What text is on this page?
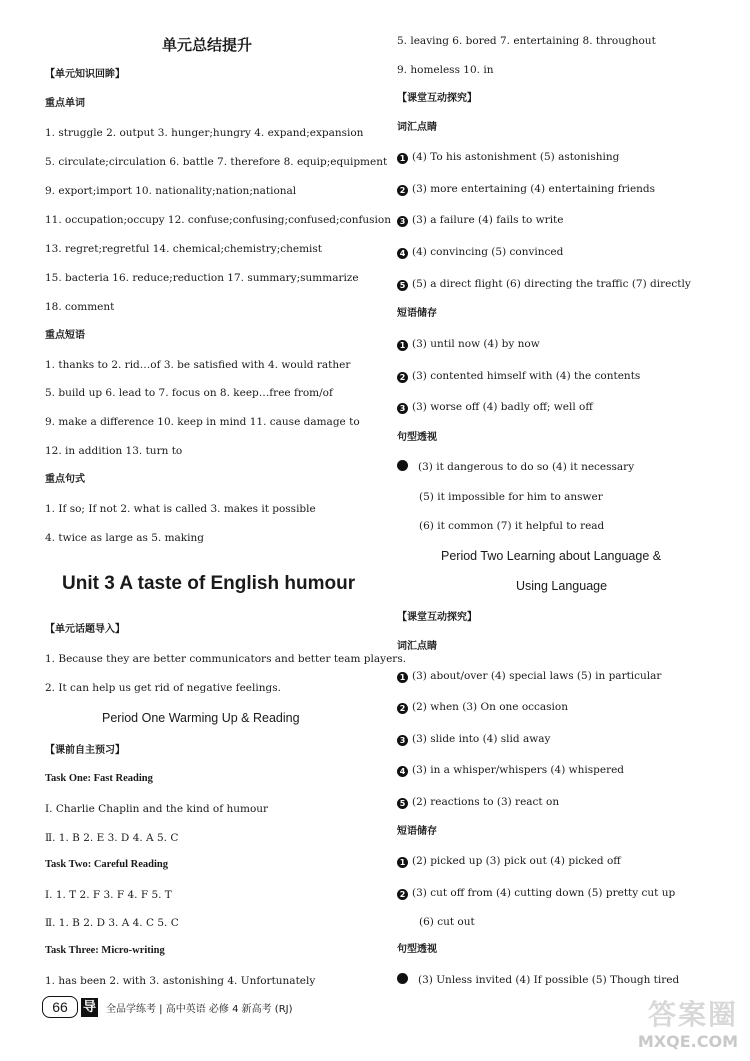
单元总结提升
【单元知识回眸】
重点单词
1. struggle 2. output 3. hunger;hungry 4. expand;expansion
5. circulate;circulation 6. battle 7. therefore 8. equip;equipment
9. export;import 10. nationality;nation;national
11. occupation;occupy 12. confuse;confusing;confused;confusion
13. regret;regretful 14. chemical;chemistry;chemist
15. bacteria 16. reduce;reduction 17. summary;summarize
18. comment
重点短语
1. thanks to 2. rid…of 3. be satisfied with 4. would rather
5. build up 6. lead to 7. focus on 8. keep…free from/of
9. make a difference 10. keep in mind 11. cause damage to
12. in addition 13. turn to
重点句式
1. If so; If not 2. what is called 3. makes it possible
4. twice as large as 5. making
Unit 3 A taste of English humour
【单元话题导入】
1. Because they are better communicators and better team players.
2. It can help us get rid of negative feelings.
Period One Warming Up & Reading
【课前自主预习】
Task One: Fast Reading
Ⅰ. Charlie Chaplin and the kind of humour
Ⅱ. 1. B 2. E 3. D 4. A 5. C
Task Two: Careful Reading
Ⅰ. 1. T 2. F 3. F 4. F 5. T
Ⅱ. 1. B 2. D 3. A 4. C 5. C
Task Three: Micro-writing
1. has been 2. with 3. astonishing 4. Unfortunately
5. leaving 6. bored 7. entertaining 8. throughout
9. homeless 10. in
【课堂互动探究】
词汇点睛
1 (4) To his astonishment (5) astonishing
2 (3) more entertaining (4) entertaining friends
3 (3) a failure (4) fails to write
4 (4) convincing (5) convinced
5 (5) a direct flight (6) directing the traffic (7) directly
短语储存
1 (3) until now (4) by now
2 (3) contented himself with (4) the contents
3 (3) worse off (4) badly off; well off
句型透视
(3) it dangerous to do so (4) it necessary
(5) it impossible for him to answer
(6) it common (7) it helpful to read
Period Two Learning about Language &
Using Language
【课堂互动探究】
词汇点睛
1 (3) about/over (4) special laws (5) in particular
2 (2) when (3) On one occasion
3 (3) slide into (4) slid away
4 (3) in a whisper/whispers (4) whispered
5 (2) reactions to (3) react on
短语储存
1 (2) picked up (3) pick out (4) picked off
2 (3) cut off from (4) cutting down (5) pretty cut up
(6) cut out
句型透视
(3) Unless invited (4) If possible (5) Though tired
66	导 全品学练考 | 高中英语 必修 4 新高考 (RJ)	答案圈
MXQE.COM
